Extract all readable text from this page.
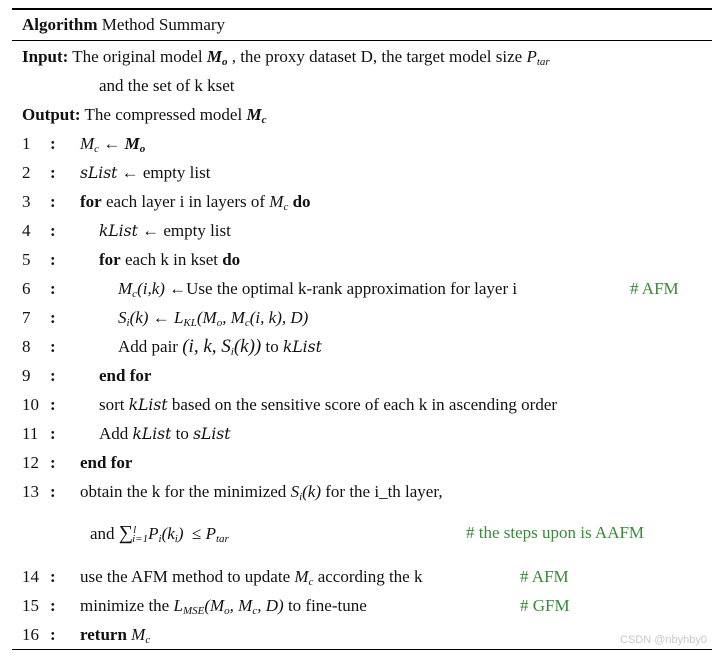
Algorithm Method Summary
Input: The original model $M_o$ , the proxy dataset D, the target model size $P_{tar}$
and the set of k kset
Output: The compressed model $M_c$
1	: $M_c$ ← $M_o$
2	: sList ← empty list
3	: for each layer i in layers of $M_c$ do
4	:	kList ← empty list
5	:	for each k in kset do
6	:	$M_c(i,k)$ ←Use the optimal k-rank approximation for layer i	# AFM
7	:	$S_i(k)$ ← $L_{KL}(M_o$, $M_c(i$, k), D)
8	:	Add pair (i, k, $S_i(k)$) to kList
9	:	end for
10 :	sort kList based on the sensitive score of each k in ascending order
11 :	Add kList to sList
12 : end for
13 : obtain the k for the minimized $S_i(k)$ for the i_th layer,
and $\sum^l_{i=1}P_i(k_i) \le P_{tar}$	# the steps upon is AAFM
14 : use the AFM method to update $M_c$ according the k	# AFM
15 : minimize the $L_{MSE}(M_o$, $M_c$, D) to fine-tune	# GFM
16 : return $M_c$	CSDN @nbyhby0
